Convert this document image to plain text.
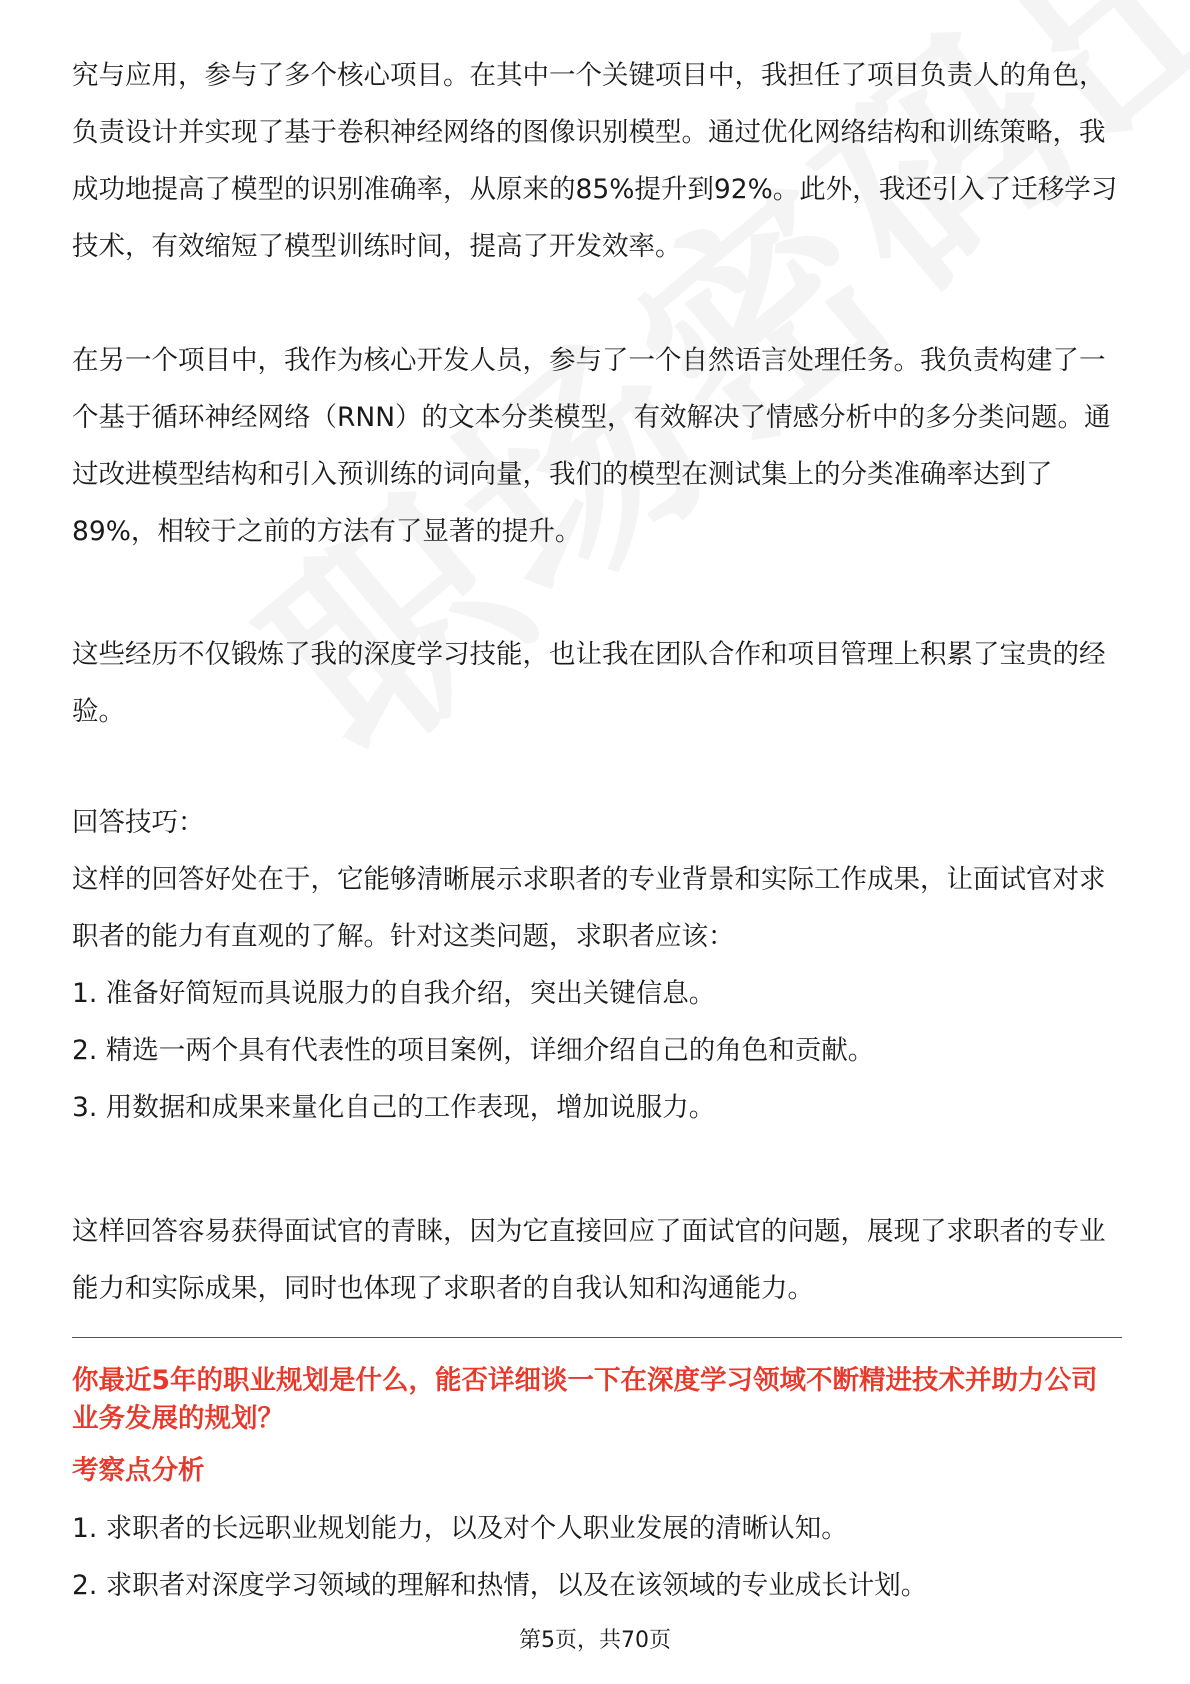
究与应用，参与了多个核心项目。在其中一个关键项目中，我担任了项目负责人的角色，负责设计并实现了基于卷积神经网络的图像识别模型。通过优化网络结构和训练策略，我成功地提高了模型的识别准确率，从原来的85%提升到92%。此外，我还引入了迁移学习技术，有效缩短了模型训练时间，提高了开发效率。

在另一个项目中，我作为核心开发人员，参与了一个自然语言处理任务。我负责构建了一个基于循环神经网络（RNN）的文本分类模型，有效解决了情感分析中的多分类问题。通过改进模型结构和引入预训练的词向量，我们的模型在测试集上的分类准确率达到了89%，相较于之前的方法有了显著的提升。

这些经历不仅锻炼了我的深度学习技能，也让我在团队合作和项目管理上积累了宝贵的经验。

回答技巧：

这样的回答好处在于，它能够清晰展示求职者的专业背景和实际工作成果，让面试官对求职者的能力有直观的了解。针对这类问题，求职者应该：

1. 准备好简短而具说服力的自我介绍，突出关键信息。

2. 精选一两个具有代表性的项目案例，详细介绍自己的角色和贡献。

3. 用数据和成果来量化自己的工作表现，增加说服力。

这样回答容易获得面试官的青睐，因为它直接回应了面试官的问题，展现了求职者的专业能力和实际成果，同时也体现了求职者的自我认知和沟通能力。

你最近5年的职业规划是什么，能否详细谈一下在深度学习领域不断精进技术并助力公司业务发展的规划？

考察点分析

1. 求职者的长远职业规划能力，以及对个人职业发展的清晰认知。

2. 求职者对深度学习领域的理解和热情，以及在该领域的专业成长计划。

第5页，共70页
